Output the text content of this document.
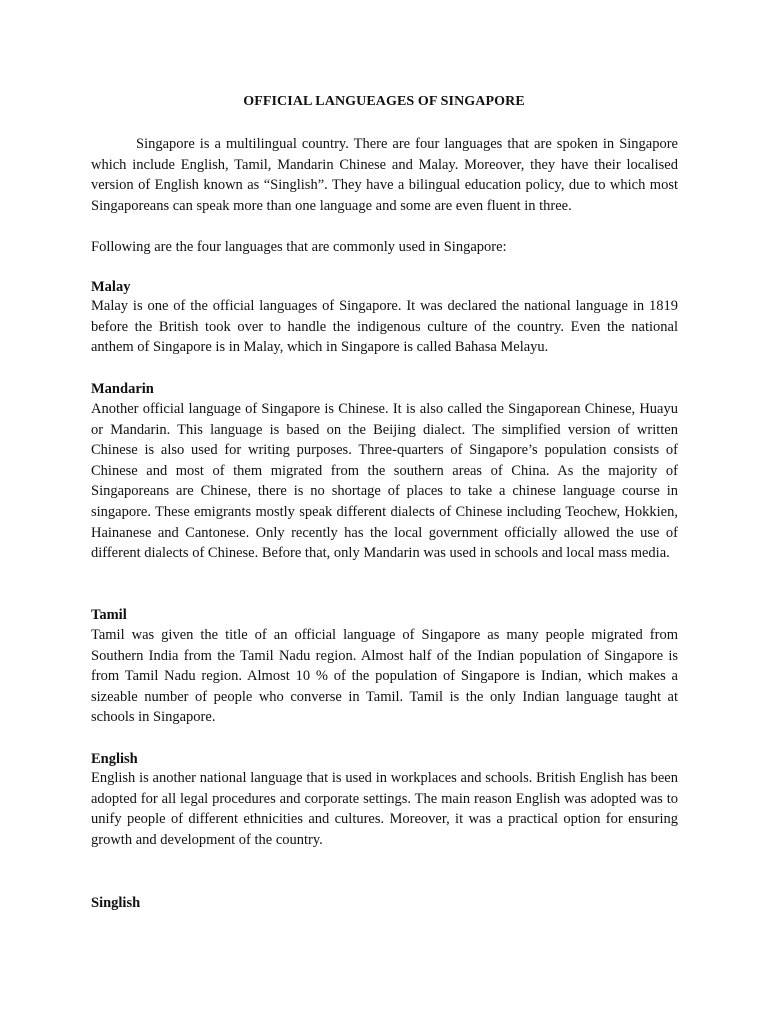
OFFICIAL LANGUEAGES OF SINGAPORE

Singapore is a multilingual country. There are four languages that are spoken in Singapore which include English, Tamil, Mandarin Chinese and Malay. Moreover, they have their localised version of English known as “Singlish”. They have a bilingual education policy, due to which most Singaporeans can speak more than one language and some are even fluent in three.

Following are the four languages that are commonly used in Singapore:

Malay

Malay is one of the official languages of Singapore. It was declared the national language in 1819 before the British took over to handle the indigenous culture of the country. Even the national anthem of Singapore is in Malay, which in Singapore is called Bahasa Melayu.

Mandarin

Another official language of Singapore is Chinese. It is also called the Singaporean Chinese, Huayu or Mandarin. This language is based on the Beijing dialect. The simplified version of written Chinese is also used for writing purposes. Three-quarters of Singapore’s population consists of Chinese and most of them migrated from the southern areas of China. As the majority of Singaporeans are Chinese, there is no shortage of places to take a chinese language course in singapore. These emigrants mostly speak different dialects of Chinese including Teochew, Hokkien, Hainanese and Cantonese. Only recently has the local government officially allowed the use of different dialects of Chinese. Before that, only Mandarin was used in schools and local mass media.

Tamil

Tamil was given the title of an official language of Singapore as many people migrated from Southern India from the Tamil Nadu region. Almost half of the Indian population of Singapore is from Tamil Nadu region. Almost 10 % of the population of Singapore is Indian, which makes a sizeable number of people who converse in Tamil. Tamil is the only Indian language taught at schools in Singapore.

English

English is another national language that is used in workplaces and schools. British English has been adopted for all legal procedures and corporate settings. The main reason English was adopted was to unify people of different ethnicities and cultures. Moreover, it was a practical option for ensuring growth and development of the country.

Singlish
